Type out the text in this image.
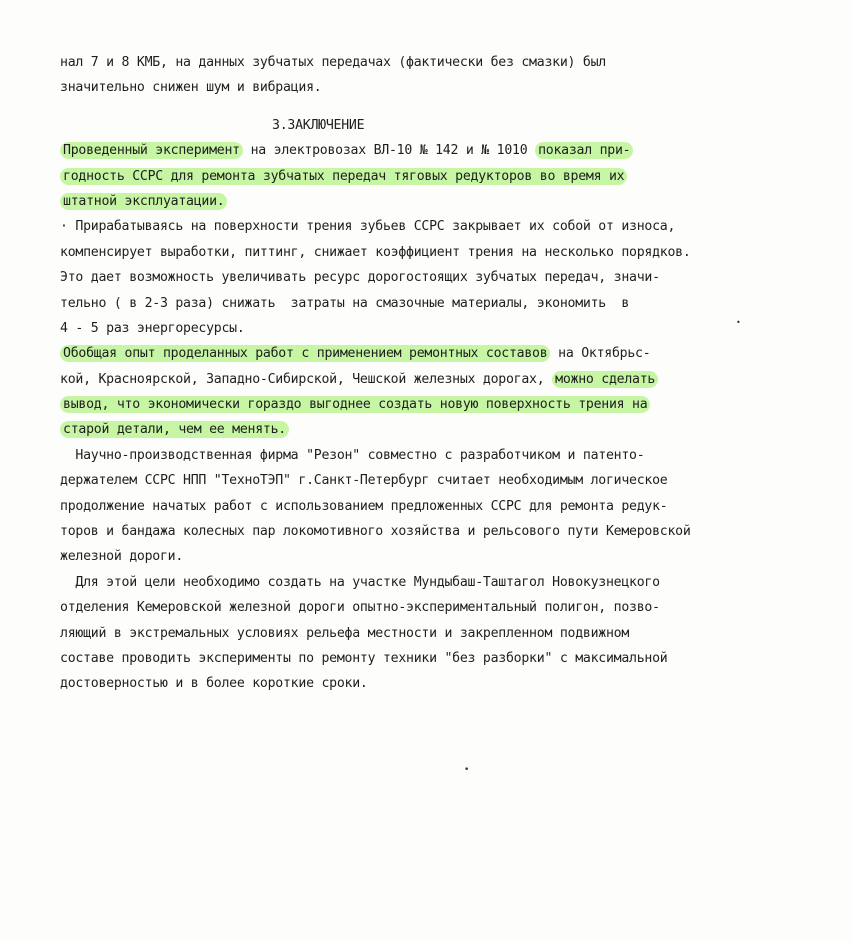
нал 7 и 8 КМБ, на данных зубчатых передачах (фактически без смазки) был
значительно снижен шум и вибрация.
3.ЗАКЛЮЧЕНИЕ
Проведенный эксперимент на электровозах ВЛ-10 № 142 и № 1010 показал при-
годность ССРС для ремонта зубчатых передач тяговых редукторов во время их
штатной эксплуатации.
· Прирабатываясь на поверхности трения зубьев ССРС закрывает их собой от износа,
компенсирует выработки, питтинг, снижает коэффициент трения на несколько порядков.
Это дает возможность увеличивать ресурс дорогостоящих зубчатых передач, значи-
тельно ( в 2-3 раза) снижать  затраты на смазочные материалы, экономить  в
4 - 5 раз энергоресурсы.
Обобщая опыт проделанных работ с применением ремонтных составов на Октябрьс-
кой, Красноярской, Западно-Сибирской, Чешской железных дорогах, можно сделать
вывод, что экономически гораздо выгоднее создать новую поверхность трения на
старой детали, чем ее менять.
Научно-производственная фирма "Резон" совместно с разработчиком и патенто-
держателем ССРС НПП "ТехноТЭП" г.Санкт-Петербург считает необходимым логическое
продолжение начатых работ с использованием предложенных ССРС для ремонта редук-
торов и бандажа колесных пар локомотивного хозяйства и рельсового пути Кемеровской
железной дороги.
Для этой цели необходимо создать на участке Мундыбаш-Таштагол Новокузнецкого
отделения Кемеровской железной дороги опытно-экспериментальный полигон, позво-
ляющий в экстремальных условиях рельефа местности и закрепленном подвижном
составе проводить эксперименты по ремонту техники "без разборки" с максимальной
достоверностью и в более короткие сроки.
•
•
